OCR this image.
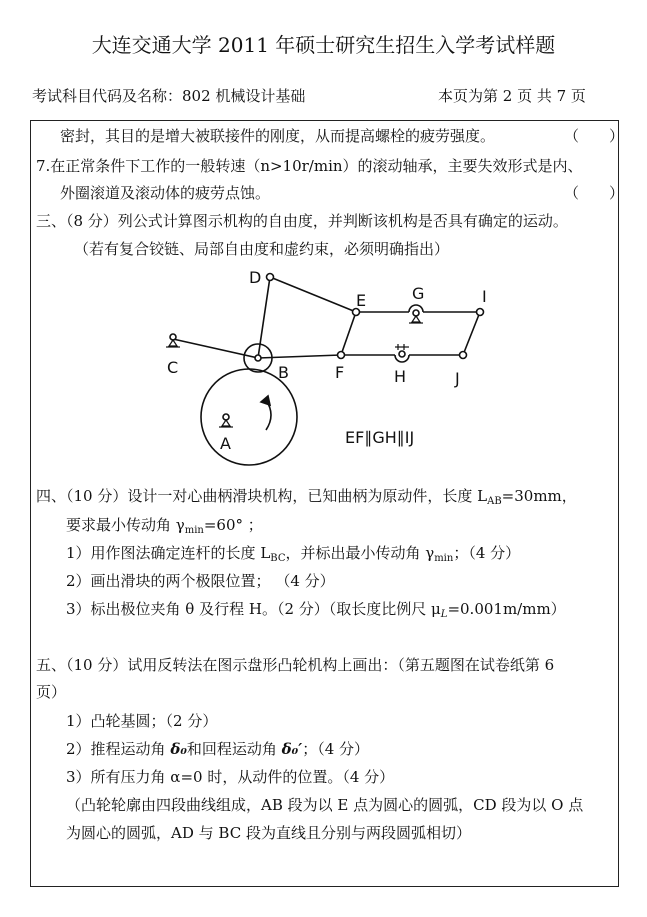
大连交通大学 2011 年硕士研究生招生入学考试样题
考试科目代码及名称：802 机械设计基础	本页为第 2 页 共 7 页
密封，其目的是增大被联接件的刚度，从而提高螺栓的疲劳强度。	（　　）
7.在正常条件下工作的一般转速（n>10r/min）的滚动轴承，主要失效形式是内、
外圈滚道及滚动体的疲劳点蚀。	（　　）
三、（8 分）列公式计算图示机构的自由度，并判断该机构是否具有确定的运动。
（若有复合铰链、局部自由度和虚约束，必须明确指出）
D
E	G	I
C	B	F	H	J
A	EF∥GH∥IJ
四、（10 分）设计一对心曲柄滑块机构，已知曲柄为原动件，长度 $L_{AB}=30mm$，
要求最小传动角 $\gamma_{min}=60^\circ$ ；
1）用作图法确定连杆的长度 $L_{BC}$，并标出最小传动角 $\gamma_{min}$；（4 分）
2）画出滑块的两个极限位置； （4 分）
3）标出极位夹角 θ 及行程 H。（2 分）（取长度比例尺 $\mu_L=0.001m/mm$）
五、（10 分）试用反转法在图示盘形凸轮机构上画出：（第五题图在试卷纸第 6
页）
1）凸轮基圆；（2 分）
2）推程运动角 δ₀和回程运动角 δ₀′；（4 分）
3）所有压力角 α=0 时，从动件的位置。（4 分）
（凸轮轮廓由四段曲线组成，AB 段为以 E 点为圆心的圆弧，CD 段为以 O 点
为圆心的圆弧，AD 与 BC 段为直线且分别与两段圆弧相切）
